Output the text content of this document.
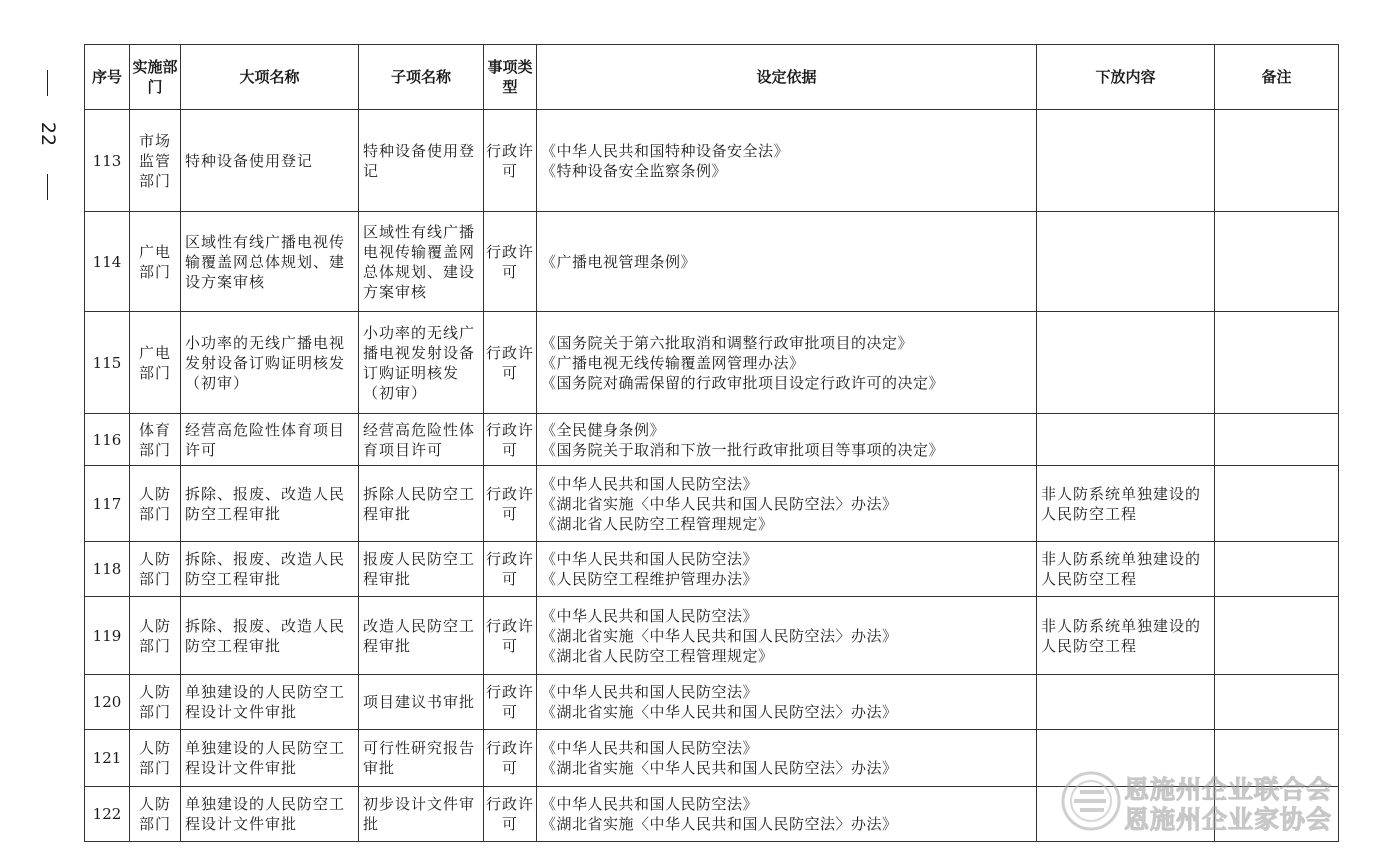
22
序号	实施部门	大项名称	子项名称	事项类型	设定依据	下放内容	备注
113	市场监管部门	特种设备使用登记	特种设备使用登记	行政许可	《中华人民共和国特种设备安全法》
《特种设备安全监察条例》		

114	广电部门	区域性有线广播电视传输覆盖网总体规划、建设方案审核	区域性有线广播电视传输覆盖网总体规划、建设方案审核	行政许可	《广播电视管理条例》		

115	广电部门	小功率的无线广播电视发射设备订购证明核发（初审）	小功率的无线广播电视发射设备订购证明核发（初审）	行政许可	《国务院关于第六批取消和调整行政审批项目的决定》
《广播电视无线传输覆盖网管理办法》
《国务院对确需保留的行政审批项目设定行政许可的决定》		

116	体育部门	经营高危险性体育项目许可	经营高危险性体育项目许可	行政许可	《全民健身条例》
《国务院关于取消和下放一批行政审批项目等事项的决定》		

117	人防部门	拆除、报废、改造人民防空工程审批	拆除人民防空工程审批	行政许可	《中华人民共和国人民防空法》
《湖北省实施〈中华人民共和国人民防空法〉办法》
《湖北省人民防空工程管理规定》	非人防系统单独建设的人民防空工程	
118	人防部门	拆除、报废、改造人民防空工程审批	报废人民防空工程审批	行政许可	《中华人民共和国人民防空法》
《人民防空工程维护管理办法》	非人防系统单独建设的人民防空工程	
119	人防部门	拆除、报废、改造人民防空工程审批	改造人民防空工程审批	行政许可	《中华人民共和国人民防空法》
《湖北省实施〈中华人民共和国人民防空法〉办法》
《湖北省人民防空工程管理规定》	非人防系统单独建设的人民防空工程	
120	人防部门	单独建设的人民防空工程设计文件审批	项目建议书审批	行政许可	《中华人民共和国人民防空法》
《湖北省实施〈中华人民共和国人民防空法〉办法》		

121	人防部门	单独建设的人民防空工程设计文件审批	可行性研究报告审批	行政许可	《中华人民共和国人民防空法》
《湖北省实施〈中华人民共和国人民防空法〉办法》		

122	人防部门	单独建设的人民防空工程设计文件审批	初步设计文件审批	行政许可	《中华人民共和国人民防空法》
《湖北省实施〈中华人民共和国人民防空法〉办法》		

恩施州企业联合会
恩施州企业家协会
